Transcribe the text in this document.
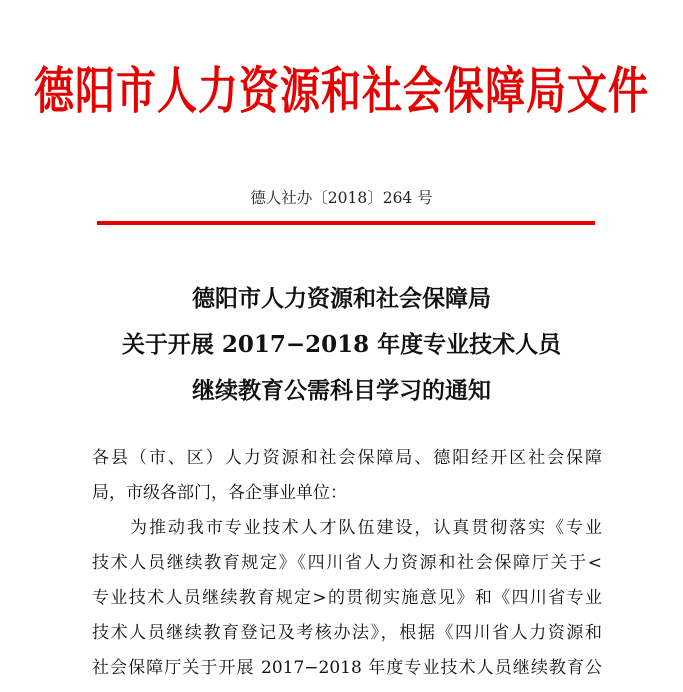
德阳市人力资源和社会保障局文件
德人社办〔2018〕264 号
德阳市人力资源和社会保障局
关于开展 2017−2018 年度专业技术人员
继续教育公需科目学习的通知
各县（市、区）人力资源和社会保障局、德阳经开区社会保障
局，市级各部门，各企事业单位：
为推动我市专业技术人才队伍建设，认真贯彻落实《专业
技术人员继续教育规定》《四川省人力资源和社会保障厅关于<
专业技术人员继续教育规定>的贯彻实施意见》和《四川省专业
技术人员继续教育登记及考核办法》，根据《四川省人力资源和
社会保障厅关于开展 2017−2018 年度专业技术人员继续教育公
